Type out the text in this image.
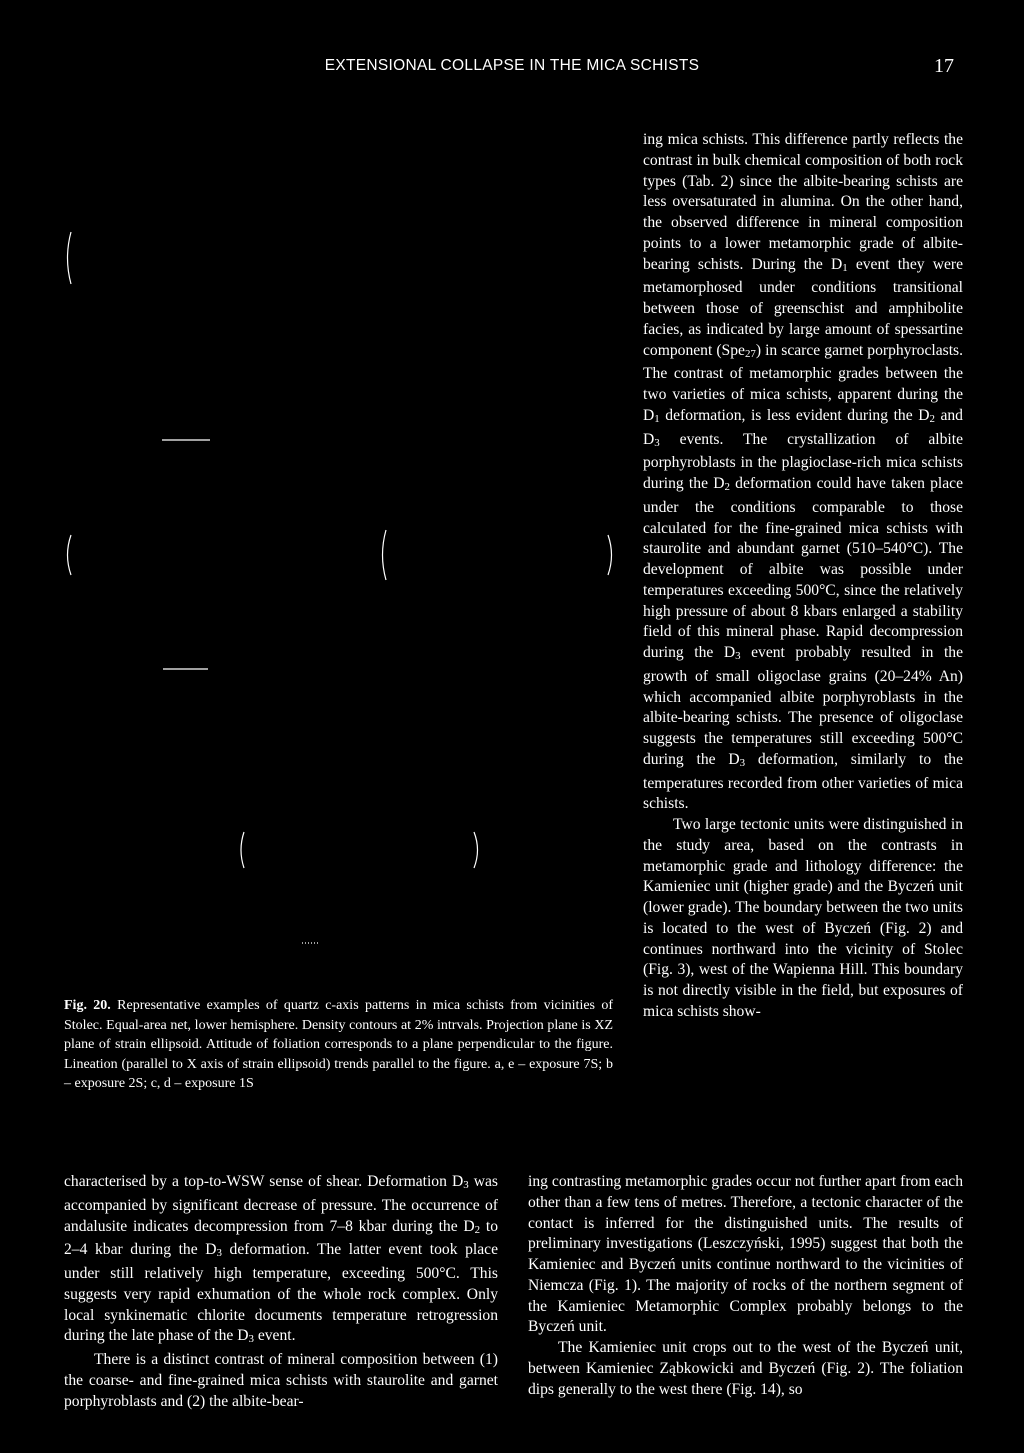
EXTENSIONAL COLLAPSE IN THE MICA SCHISTS	17
Fig. 20. Representative examples of quartz c-axis patterns in mica schists from vicinities of Stolec. Equal-area net, lower hemisphere. Density contours at 2% intrvals. Projection plane is XZ plane of strain ellipsoid. Attitude of foliation corresponds to a plane perpendicular to the figure. Lineation (parallel to X axis of strain ellipsoid) trends parallel to the figure. a, e – exposure 7S; b – exposure 2S; c, d – exposure 1S

ing mica schists. This difference partly reflects the contrast in bulk chemical composition of both rock types (Tab. 2) since the albite-bearing schists are less oversaturated in alumina. On the other hand, the observed difference in mineral composition points to a lower metamorphic grade of albite-bearing schists. During the $D_1$ event they were metamorphosed under conditions transitional between those of greenschist and amphibolite facies, as indicated by large amount of spessartine component (Spe$_{27}$) in scarce garnet porphyroclasts. The contrast of metamorphic grades between the two varieties of mica schists, apparent during the $D_1$ deformation, is less evident during the $D_2$ and $D_3$ events. The crystallization of albite porphyroblasts in the plagioclase-rich mica schists during the $D_2$ deformation could have taken place under the conditions comparable to those calculated for the fine-grained mica schists with staurolite and abundant garnet (510–540°C). The development of albite was possible under temperatures exceeding 500°C, since the relatively high pressure of about 8 kbars enlarged a stability field of this mineral phase. Rapid decompression during the $D_3$ event probably resulted in the growth of small oligoclase grains (20–24% An) which accompanied albite porphyroblasts in the albite-bearing schists. The presence of oligoclase suggests the temperatures still exceeding 500°C during the $D_3$ deformation, similarly to the temperatures recorded from other varieties of mica schists.

Two large tectonic units were distinguished in the study area, based on the contrasts in metamorphic grade and lithology difference: the Kamieniec unit (higher grade) and the Byczeń unit (lower grade). The boundary between the two units is located to the west of Byczeń (Fig. 2) and continues northward into the vicinity of Stolec (Fig. 3), west of the Wapienna Hill. This boundary is not directly visible in the field, but exposures of mica schists show-

characterised by a top-to-WSW sense of shear. Deformation $D_3$ was accompanied by significant decrease of pressure. The occurrence of andalusite indicates decompression from 7–8 kbar during the $D_2$ to 2–4 kbar during the $D_3$ deformation. The latter event took place under still relatively high temperature, exceeding 500°C. This suggests very rapid exhumation of the whole rock complex. Only local synkinematic chlorite documents temperature retrogression during the late phase of the $D_3$ event.

There is a distinct contrast of mineral composition between (1) the coarse- and fine-grained mica schists with staurolite and garnet porphyroblasts and (2) the albite-bear-

ing contrasting metamorphic grades occur not further apart from each other than a few tens of metres. Therefore, a tectonic character of the contact is inferred for the distinguished units. The results of preliminary investigations (Leszczyński, 1995) suggest that both the Kamieniec and Byczeń units continue northward to the vicinities of Niemcza (Fig. 1). The majority of rocks of the northern segment of the Kamieniec Metamorphic Complex probably belongs to the Byczeń unit.

The Kamieniec unit crops out to the west of the Byczeń unit, between Kamieniec Ząbkowicki and Byczeń (Fig. 2). The foliation dips generally to the west there (Fig. 14), so
